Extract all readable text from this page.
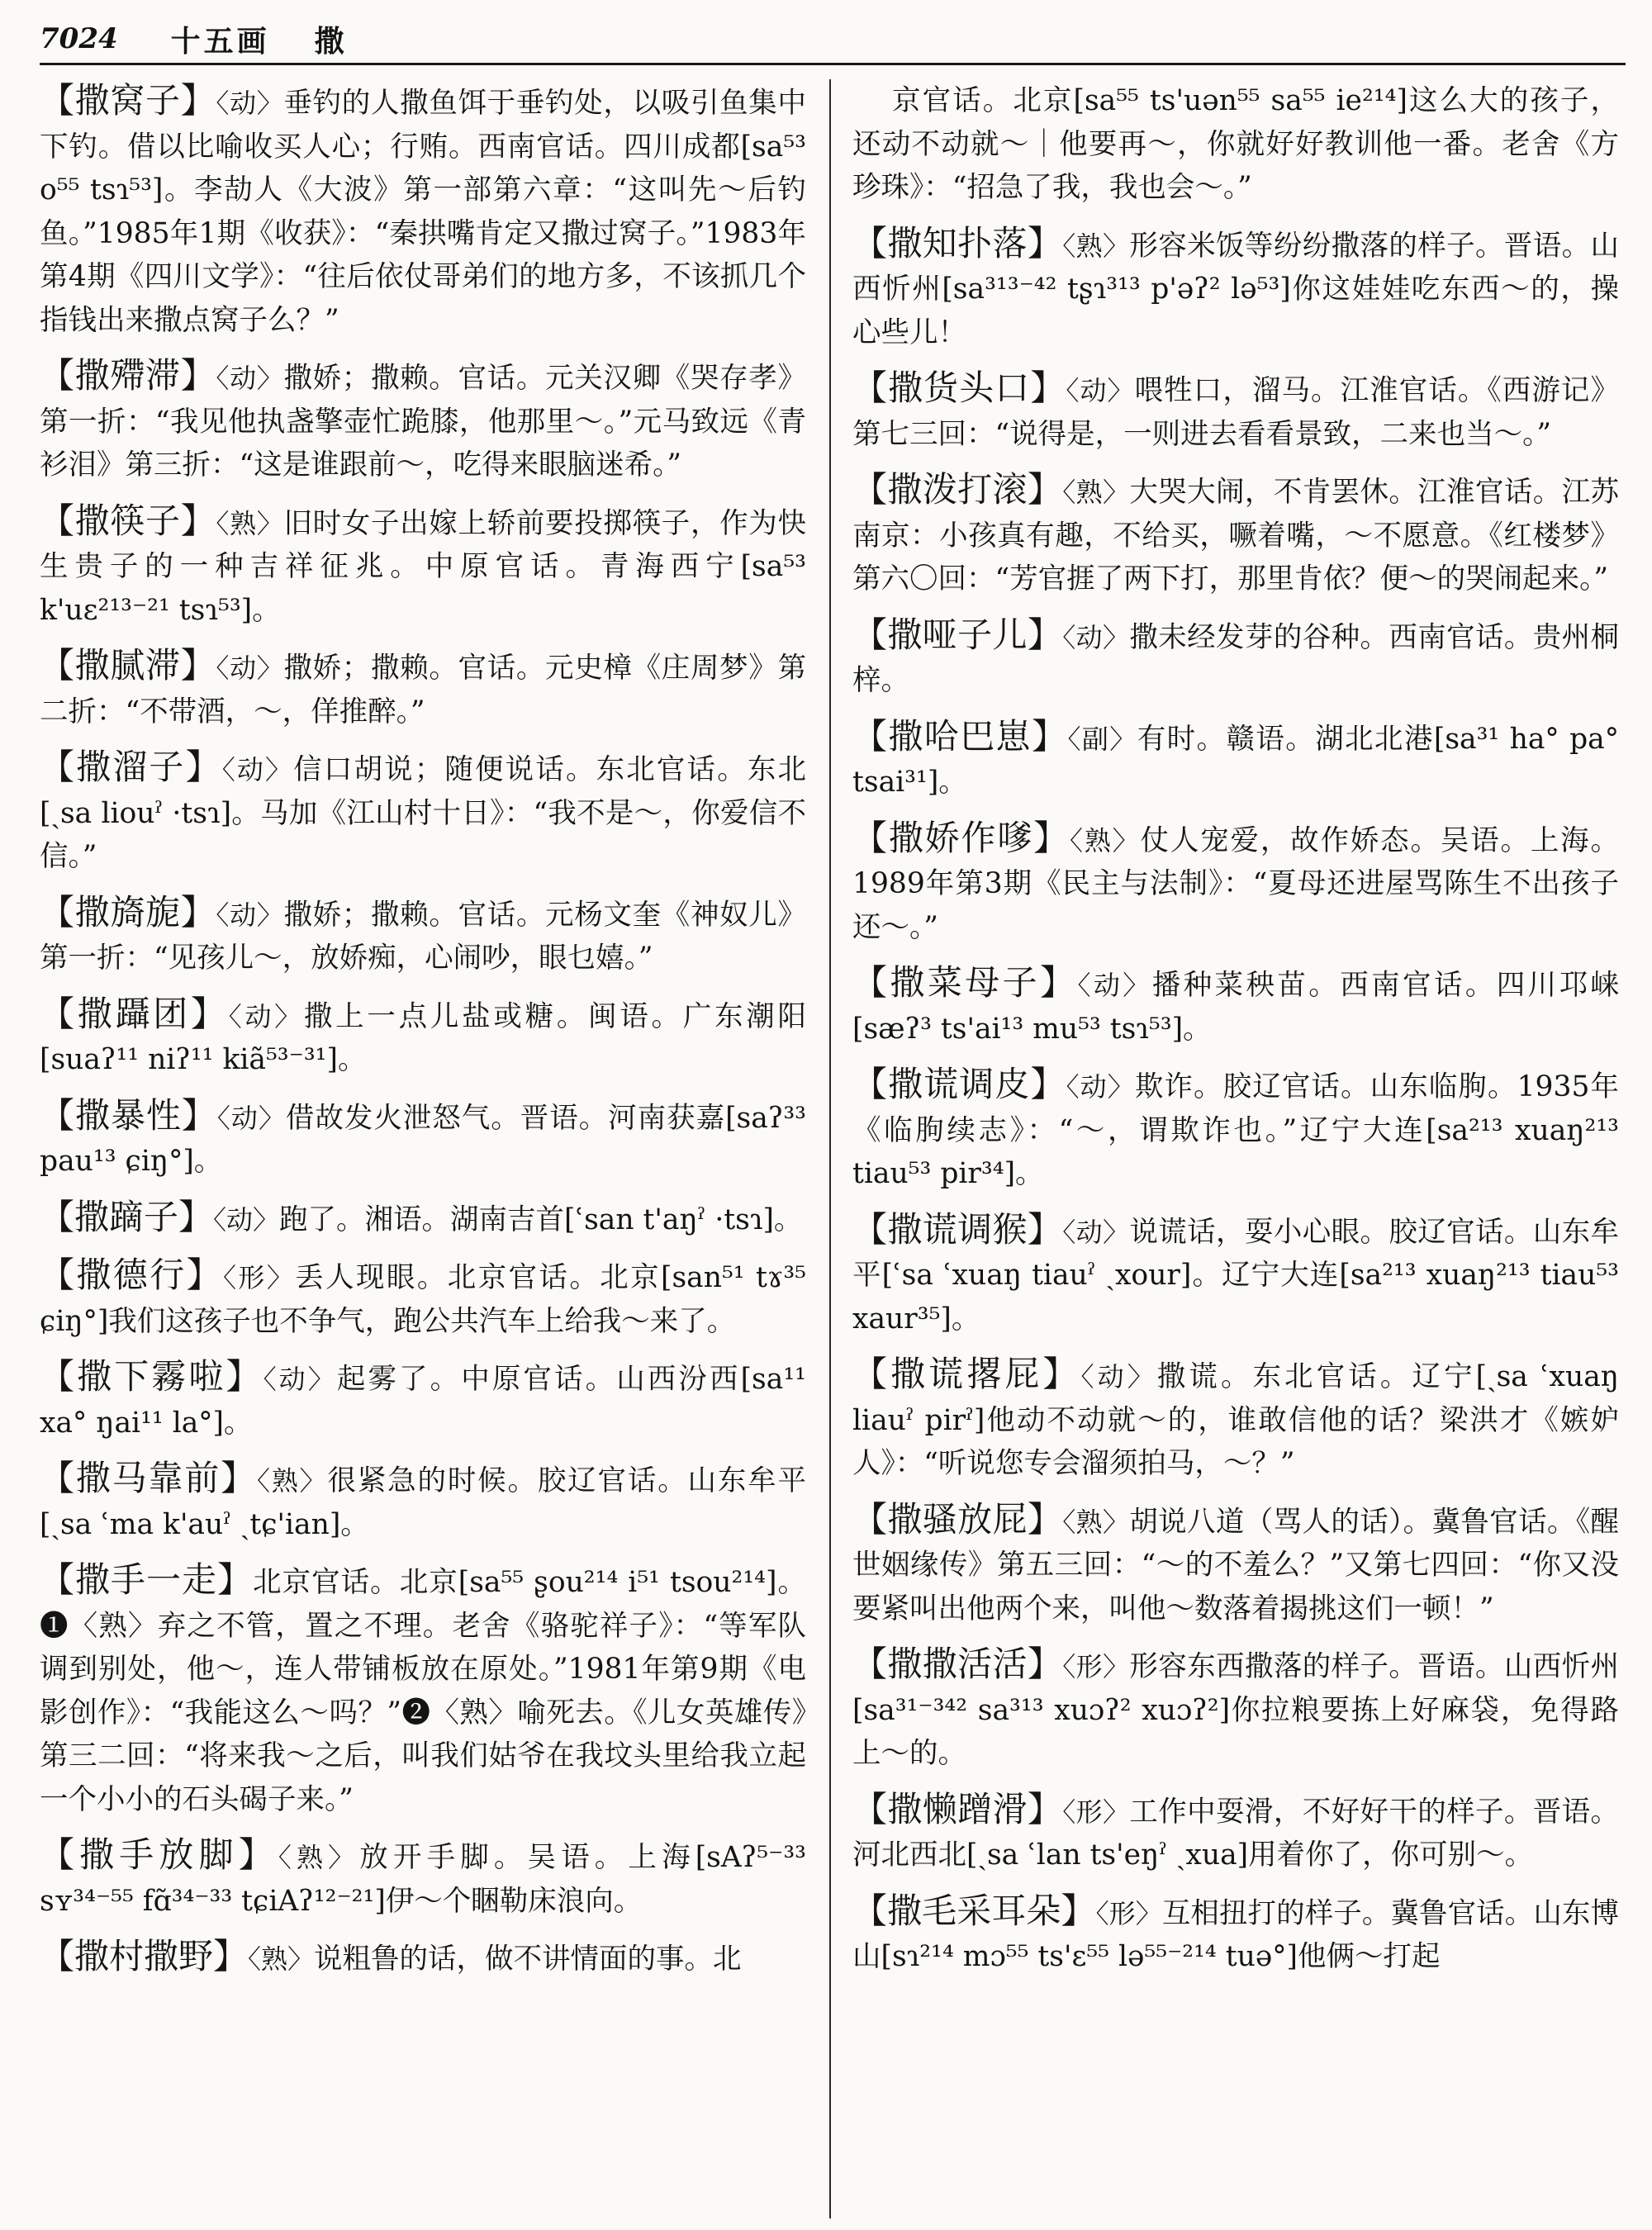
7024 十五画 撒

【撒窝子】〈动〉垂钓的人撒鱼饵于垂钓处，以吸引鱼集中下钓。借以比喻收买人心；行贿。西南官话。四川成都[sa⁵³ o⁵⁵ tsɿ⁵³]。李劼人《大波》第一部第六章：“这叫先～后钓鱼。”1985年1期《收获》：“秦拱嘴肯定又撒过窝子。”1983年第4期《四川文学》：“往后依仗哥弟们的地方多，不该抓几个指钱出来撒点窝子么？”

【撒殢滞】〈动〉撒娇；撒赖。官话。元关汉卿《哭存孝》第一折：“我见他执盏擎壶忙跪膝，他那里～。”元马致远《青衫泪》第三折：“这是谁跟前～，吃得来眼脑迷希。”

【撒筷子】〈熟〉旧时女子出嫁上轿前要投掷筷子，作为快生贵子的一种吉祥征兆。中原官话。青海西宁[sa⁵³ k'uɛ²¹³⁻²¹ tsɿ⁵³]。

【撒腻滞】〈动〉撒娇；撒赖。官话。元史樟《庄周梦》第二折：“不带酒，～，佯推醉。”

【撒溜子】〈动〉信口胡说；随便说话。东北官话。东北[ˏsa liouˀ ·tsɿ]。马加《江山村十日》：“我不是～，你爱信不信。”

【撒旖旎】〈动〉撒娇；撒赖。官话。元杨文奎《神奴儿》第一折：“见孩儿～，放娇痴，心闹吵，眼乜嬉。”

【撒躡团】〈动〉撒上一点儿盐或糖。闽语。广东潮阳[suaʔ¹¹ niʔ¹¹ kiã⁵³⁻³¹]。

【撒暴性】〈动〉借故发火泄怒气。晋语。河南获嘉[saʔ³³ pau¹³ ɕiŋ°]。

【撒蹢子】〈动〉跑了。湘语。湖南吉首[ʿsan t'aŋˀ ·tsɿ]。

【撒德行】〈形〉丢人现眼。北京官话。北京[san⁵¹ tɤ³⁵ ɕiŋ°]我们这孩子也不争气，跑公共汽车上给我～来了。

【撒下霧啦】〈动〉起雾了。中原官话。山西汾西[sa¹¹ xa° ŋai¹¹ la°]。

【撒马靠前】〈熟〉很紧急的时候。胶辽官话。山东牟平[ˏsa ʿma k'auˀ ˏtɕ'ian]。

【撒手一走】北京官话。北京[sa⁵⁵ ʂou²¹⁴ i⁵¹ tsou²¹⁴]。❶〈熟〉弃之不管，置之不理。老舍《骆驼祥子》：“等军队调到别处，他～，连人带铺板放在原处。”1981年第9期《电影创作》：“我能这么～吗？”❷〈熟〉喻死去。《儿女英雄传》第三二回：“将来我～之后，叫我们姑爷在我坟头里给我立起一个小小的石头碣子来。”

【撒手放脚】〈熟〉放开手脚。吴语。上海[sAʔ⁵⁻³³ sʏ³⁴⁻⁵⁵ fɑ̃³⁴⁻³³ tɕiAʔ¹²⁻²¹]伊～个睏勒床浪向。

【撒村撒野】〈熟〉说粗鲁的话，做不讲情面的事。北

京官话。北京[sa⁵⁵ ts'uən⁵⁵ sa⁵⁵ ie²¹⁴]这么大的孩子，还动不动就～｜他要再～，你就好好教训他一番。老舍《方珍珠》：“招急了我，我也会～。”

【撒知扑落】〈熟〉形容米饭等纷纷撒落的样子。晋语。山西忻州[sa³¹³⁻⁴² tʂɿ³¹³ p'əʔ² lə⁵³]你这娃娃吃东西～的，操心些儿！

【撒货头口】〈动〉喂牲口，溜马。江淮官话。《西游记》第七三回：“说得是，一则进去看看景致，二来也当～。”

【撒泼打滚】〈熟〉大哭大闹，不肯罢休。江淮官话。江苏南京：小孩真有趣，不给买，噘着嘴，～不愿意。《红楼梦》第六〇回：“芳官捱了两下打，那里肯依？便～的哭闹起来。”

【撒哑子儿】〈动〉撒未经发芽的谷种。西南官话。贵州桐梓。

【撒哈巴崽】〈副〉有时。赣语。湖北北港[sa³¹ ha° pa° tsai³¹]。

【撒娇作嗲】〈熟〉仗人宠爱，故作娇态。吴语。上海。1989年第3期《民主与法制》：“夏母还进屋骂陈生不出孩子还～。”

【撒菜母子】〈动〉播种菜秧苗。西南官话。四川邛崃[sæʔ³ ts'ai¹³ mu⁵³ tsɿ⁵³]。

【撒谎调皮】〈动〉欺诈。胶辽官话。山东临朐。1935年《临朐续志》：“～，谓欺诈也。”辽宁大连[sa²¹³ xuaŋ²¹³ tiau⁵³ pir³⁴]。

【撒谎调猴】〈动〉说谎话，耍小心眼。胶辽官话。山东牟平[ʿsa ʿxuaŋ tiauˀ ˏxour]。辽宁大连[sa²¹³ xuaŋ²¹³ tiau⁵³ xaur³⁵]。

【撒谎撂屁】〈动〉撒谎。东北官话。辽宁[ˏsa ʿxuaŋ liauˀ pirˀ]他动不动就～的，谁敢信他的话？梁洪才《嫉妒人》：“听说您专会溜须拍马，～？”

【撒骚放屁】〈熟〉胡说八道（骂人的话）。冀鲁官话。《醒世姻缘传》第五三回：“～的不羞么？”又第七四回：“你又没要紧叫出他两个来，叫他～数落着揭挑这们一顿！”

【撒撒活活】〈形〉形容东西撒落的样子。晋语。山西忻州[sa³¹⁻³⁴² sa³¹³ xuɔʔ² xuɔʔ²]你拉粮要拣上好麻袋，免得路上～的。

【撒懒蹭滑】〈形〉工作中耍滑，不好好干的样子。晋语。河北西北[ˏsa ʿlan ts'eŋˀ ˏxua]用着你了，你可别～。

【撒毛采耳朵】〈形〉互相扭打的样子。冀鲁官话。山东博山[sɿ²¹⁴ mɔ⁵⁵ ts'ɛ⁵⁵ lə⁵⁵⁻²¹⁴ tuə°]他俩～打起
